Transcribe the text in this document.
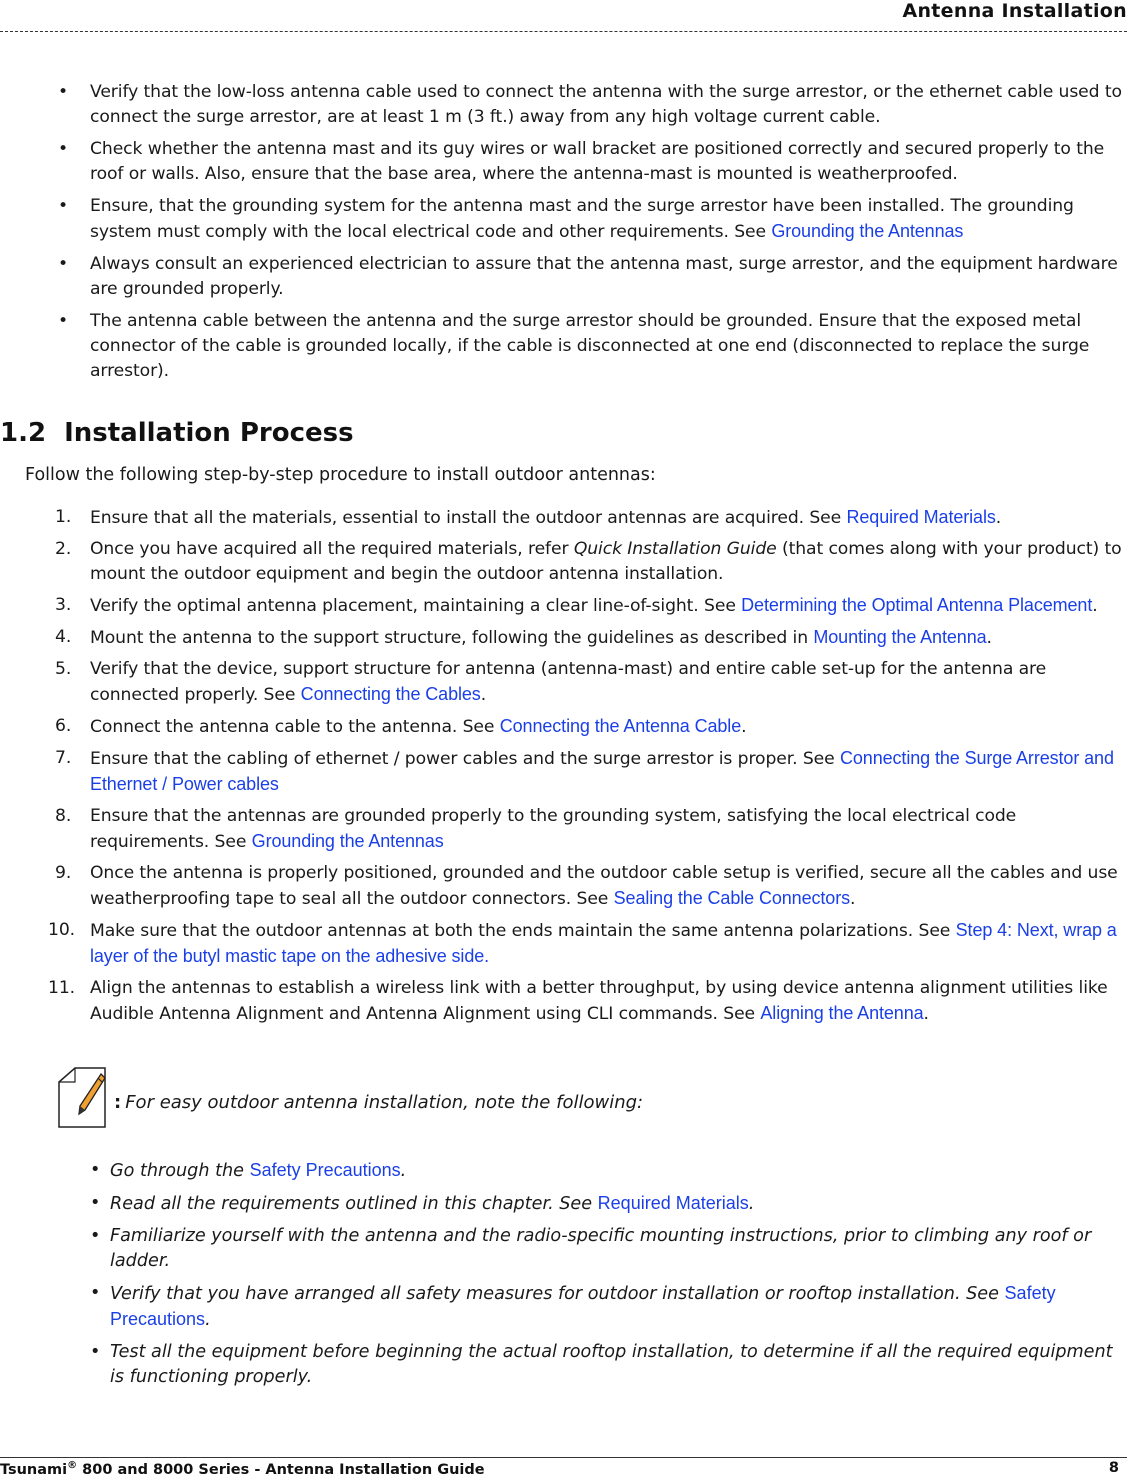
Antenna Installation
• Verify that the low-loss antenna cable used to connect the antenna with the surge arrestor, or the ethernet cable used to connect the surge arrestor, are at least 1 m (3 ft.) away from any high voltage current cable.
• Check whether the antenna mast and its guy wires or wall bracket are positioned correctly and secured properly to the roof or walls. Also, ensure that the base area, where the antenna-mast is mounted is weatherproofed.
• Ensure, that the grounding system for the antenna mast and the surge arrestor have been installed. The grounding system must comply with the local electrical code and other requirements. See Grounding the Antennas
• Always consult an experienced electrician to assure that the antenna mast, surge arrestor, and the equipment hardware are grounded properly.
• The antenna cable between the antenna and the surge arrestor should be grounded. Ensure that the exposed metal connector of the cable is grounded locally, if the cable is disconnected at one end (disconnected to replace the surge arrestor).
1.2 Installation Process
Follow the following step-by-step procedure to install outdoor antennas:
1. Ensure that all the materials, essential to install the outdoor antennas are acquired. See Required Materials.
2. Once you have acquired all the required materials, refer Quick Installation Guide (that comes along with your product) to mount the outdoor equipment and begin the outdoor antenna installation.
3. Verify the optimal antenna placement, maintaining a clear line-of-sight. See Determining the Optimal Antenna Placement.
4. Mount the antenna to the support structure, following the guidelines as described in Mounting the Antenna.
5. Verify that the device, support structure for antenna (antenna-mast) and entire cable set-up for the antenna are connected properly. See Connecting the Cables.
6. Connect the antenna cable to the antenna. See Connecting the Antenna Cable.
7. Ensure that the cabling of ethernet / power cables and the surge arrestor is proper. See Connecting the Surge Arrestor and Ethernet / Power cables
8. Ensure that the antennas are grounded properly to the grounding system, satisfying the local electrical code requirements. See Grounding the Antennas
9. Once the antenna is properly positioned, grounded and the outdoor cable setup is verified, secure all the cables and use weatherproofing tape to seal all the outdoor connectors. See Sealing the Cable Connectors.
10. Make sure that the outdoor antennas at both the ends maintain the same antenna polarizations. See Step 4: Next, wrap a layer of the butyl mastic tape on the adhesive side.
11. Align the antennas to establish a wireless link with a better throughput, by using device antenna alignment utilities like Audible Antenna Alignment and Antenna Alignment using CLI commands. See Aligning the Antenna.
: For easy outdoor antenna installation, note the following:
• Go through the Safety Precautions.
• Read all the requirements outlined in this chapter. See Required Materials.
• Familiarize yourself with the antenna and the radio-specific mounting instructions, prior to climbing any roof or ladder.
• Verify that you have arranged all safety measures for outdoor installation or rooftop installation. See Safety Precautions.
• Test all the equipment before beginning the actual rooftop installation, to determine if all the required equipment is functioning properly.
Tsunami® 800 and 8000 Series - Antenna Installation Guide	8
